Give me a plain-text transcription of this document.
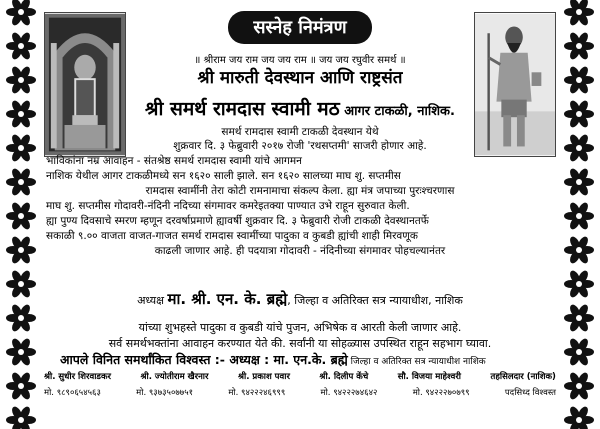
सस्नेह निमंत्रण
॥ श्रीराम जय राम जय जय राम ॥ जय जय रघुवीर समर्थ ॥
श्री मारुती देवस्थान आणि राष्ट्रसंत
श्री समर्थ रामदास स्वामी मठ आगर टाकळी, नाशिक.
समर्थ रामदास स्वामी टाकळी देवस्थान येथे
शुक्रवार दि. ३ फेब्रुवारी २०१७ रोजी 'रथसप्तमी' साजरी होणार आहे.
भाविकांना नम्र आवाहन - संतश्रेष्ठ समर्थ रामदास स्वामी यांचे आगमन
नाशिक येथील आगर टाकळीमध्ये सन १६२० साली झाले. सन १६२० सालच्या माघ शु. सप्तमीस
रामदास स्वामींनी तेरा कोटी रामनामाचा संकल्प केला. ह्या मंत्र जपाच्या पुरःश्चरणास
माघ शु. सप्तमीस गोदावरी-नंदिनी नदिच्या संगमावर कमरेइतक्या पाण्यात उभे राहून सुरुवात केली.
ह्या पुण्य दिवसाचे स्मरण म्हणून दरवर्षाप्रमाणे ह्यावर्षी शुक्रवार दि. ३ फेब्रुवारी रोजी टाकळी देवस्थानतर्फे
सकाळी ९.०० वाजता वाजत-गाजत समर्थ रामदास स्वामींच्या पादुका व कुबडी ह्यांची शाही मिरवणूक
काढली जाणार आहे. ही पदयात्रा गोदावरी - नंदिनीच्या संगमावर पोहचल्यानंतर
अध्यक्ष मा. श्री. एन. के. ब्रह्मे, जिल्हा व अतिरिक्त सत्र न्यायाधीश, नाशिक
यांच्या शुभहस्ते पादुका व कुबडी यांचे पुजन, अभिषेक व आरती केली जाणार आहे.
सर्व समर्थभक्तांना आवाहन करण्यात येते की. सर्वांनी या सोहळ्यास उपस्थित राहून सहभाग घ्यावा.
आपले विनित समर्थांकित विश्वस्त :- अध्यक्ष : मा. एन.के. ब्रह्मे जिल्हा व अतिरिक्त सत्र न्यायाधीश नाशिक
श्री. सुधीर शिरवाडकर	श्री. ज्योतीराम खैरनार	श्री. प्रकाश पवार	श्री. दिलीप केंचे	सौ. विजया माहेश्वरी	तहसिलदार (नाशिक)
मो. ९८९०६५४५६३	मो. ९३७३५०७७५१	मो. ९४२२२४६९९९	मो. ९४२२२७४६४२	मो. ९४२२२७०७९९	पदसिध्द विश्वस्त
